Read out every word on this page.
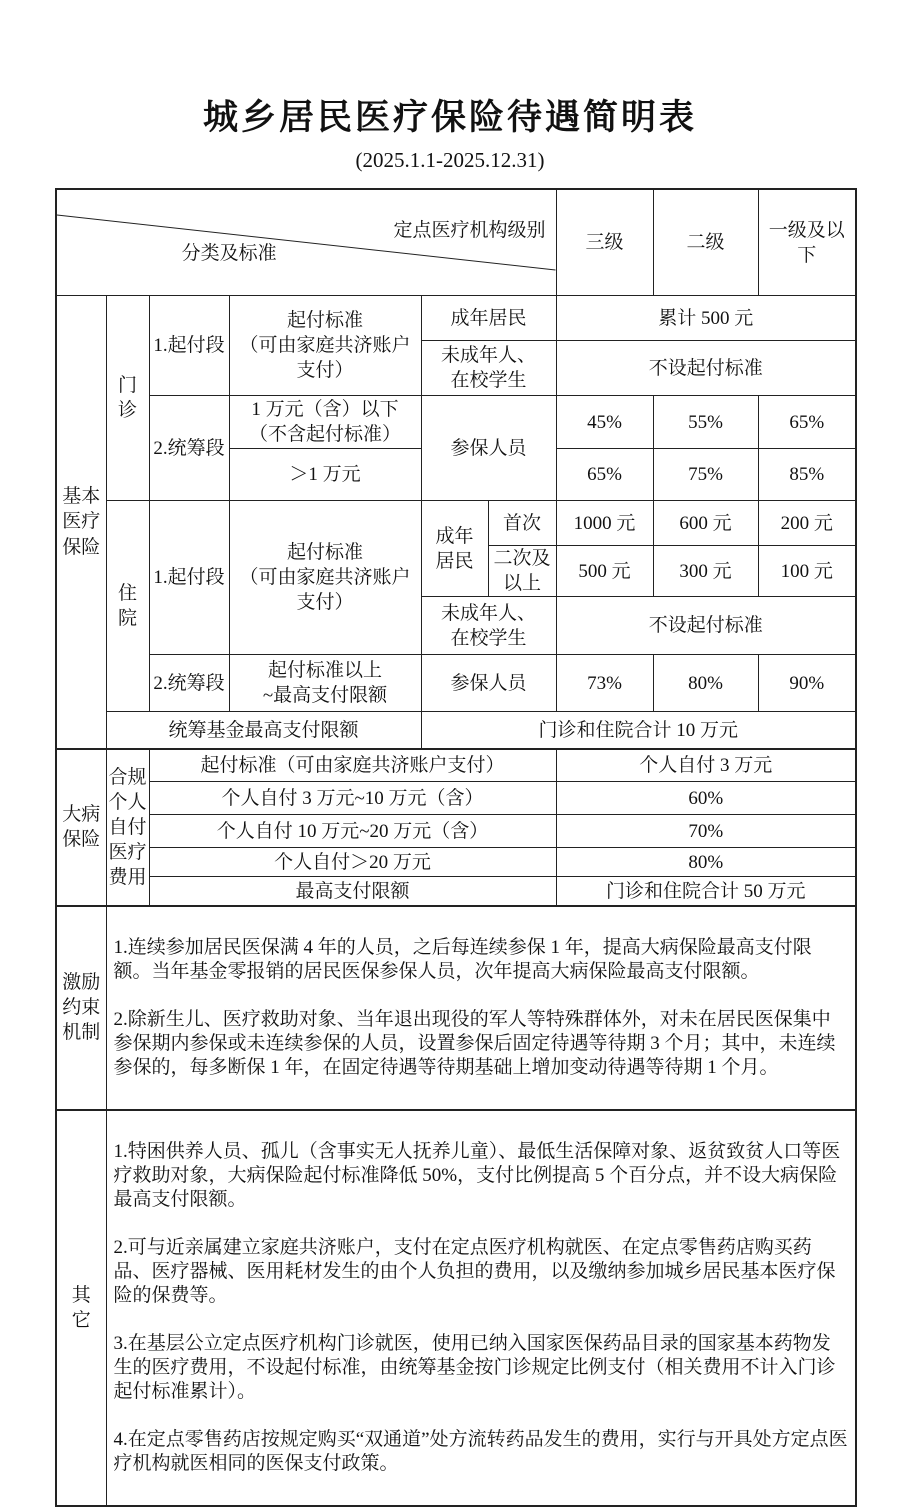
城乡居民医疗保险待遇简明表
(2025.1.1-2025.12.31)

定点医疗机构级别

分类及标准						三级	二级	一级及以下
基本
医疗
保险	门
诊	1.起付段	起付标准
（可由家庭共济账户支付）	成年居民		累计 500 元		
				未成年人、
在校学生		不设起付标准		
		2.统筹段	1 万元（含）以下
（不含起付标准）	参保人员		45%	55%	65%
			＞1 万元			65%	75%	85%
	住
院	1.起付段	起付标准
（可由家庭共济账户支付）	成年
居民	首次	1000 元	600 元	200 元
					二次及
以上	500 元	300 元	100 元
				未成年人、
在校学生		不设起付标准		
		2.统筹段	起付标准以上
~最高支付限额	参保人员		73%	80%	90%
	统筹基金最高支付限额			门诊和住院合计 10 万元				
大病
保险	合规
个人
自付
医疗
费用	起付标准（可由家庭共济账户支付）				个人自付 3 万元		
		个人自付 3 万元~10 万元（含）				60%		
		个人自付 10 万元~20 万元（含）				70%		
		个人自付＞20 万元				80%		
		最高支付限额				门诊和住院合计 50 万元		
激励
约束
机制	

1.连续参加居民医保满 4 年的人员，之后每连续参保 1 年，提高大病保险最高支付限额。当年基金零报销的居民医保参保人员，次年提高大病保险最高支付限额。

2.除新生儿、医疗救助对象、当年退出现役的军人等特殊群体外，对未在居民医保集中参保期内参保或未连续参保的人员，设置参保后固定待遇等待期 3 个月；其中，未连续参保的，每多断保 1 年，在固定待遇等待期基础上增加变动待遇等待期 1 个月。

其
它	

1.特困供养人员、孤儿（含事实无人抚养儿童）、最低生活保障对象、返贫致贫人口等医疗救助对象，大病保险起付标准降低 50%，支付比例提高 5 个百分点，并不设大病保险最高支付限额。

2.可与近亲属建立家庭共济账户，支付在定点医疗机构就医、在定点零售药店购买药品、医疗器械、医用耗材发生的由个人负担的费用，以及缴纳参加城乡居民基本医疗保险的保费等。

3.在基层公立定点医疗机构门诊就医，使用已纳入国家医保药品目录的国家基本药物发生的医疗费用，不设起付标准，由统筹基金按门诊规定比例支付（相关费用不计入门诊起付标准累计）。

4.在定点零售药店按规定购买“双通道”处方流转药品发生的费用，实行与开具处方定点医疗机构就医相同的医保支付政策。
